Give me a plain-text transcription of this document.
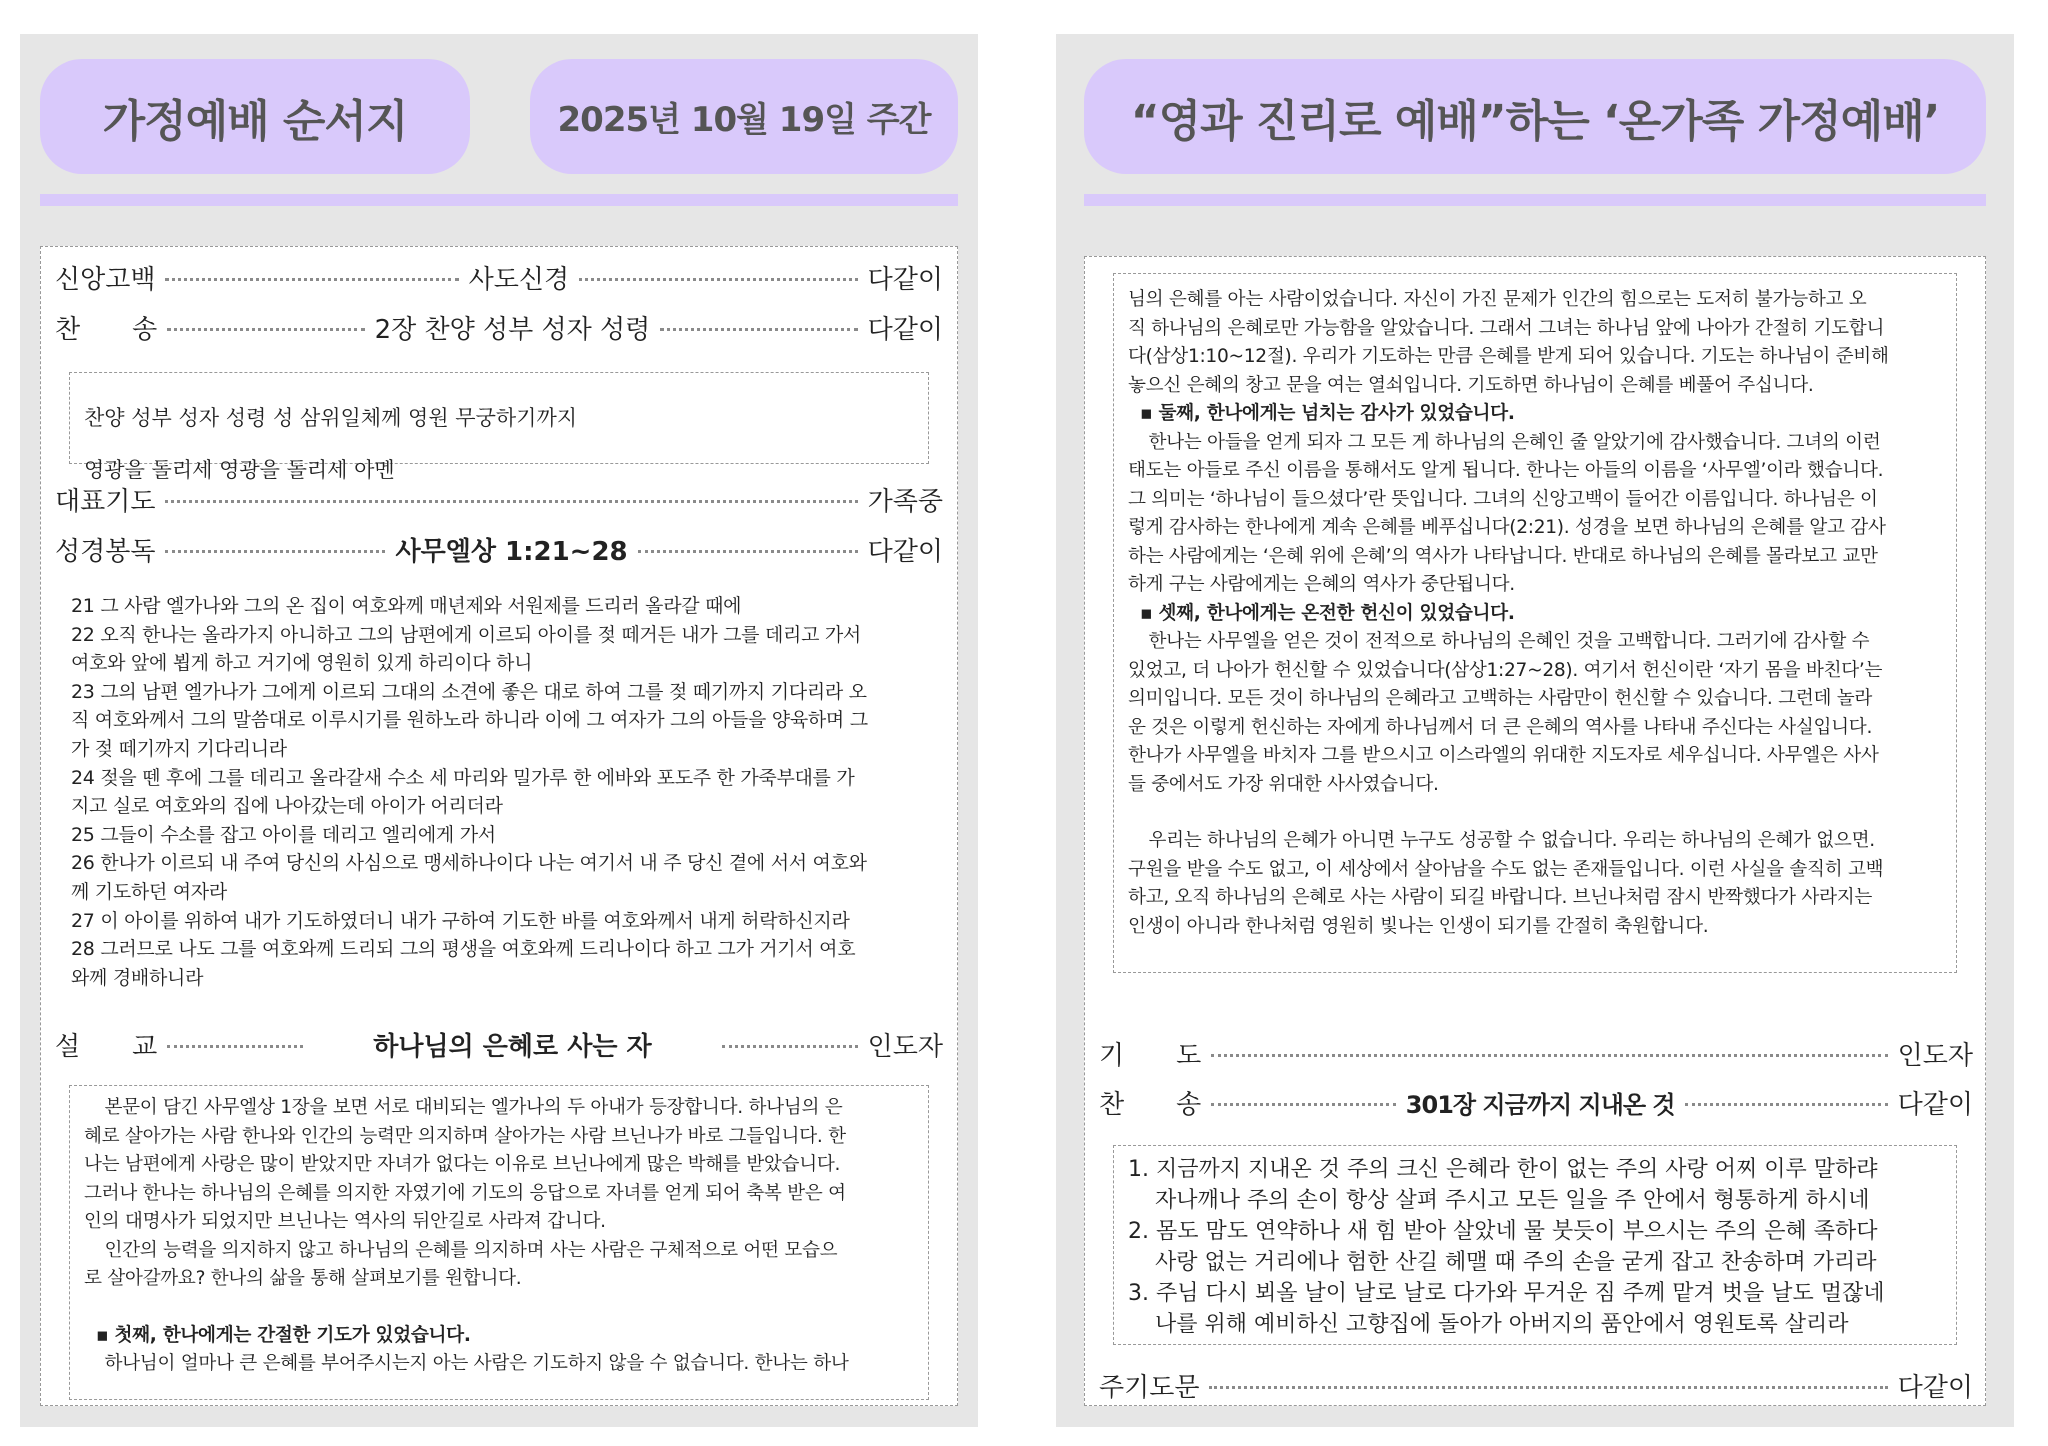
가정예배 순서지	2025년 10월 19일 주간
신앙고백	사도신경	다같이
찬　　송	2장 찬양 성부 성자 성령	다같이

찬양 성부 성자 성령 성 삼위일체께 영원 무궁하기까지

영광을 돌리세 영광을 돌리세 아멘

대표기도	가족중
성경봉독	사무엘상 1:21~28	다같이

21 그 사람 엘가나와 그의 온 집이 여호와께 매년제와 서원제를 드리러 올라갈 때에

22 오직 한나는 올라가지 아니하고 그의 남편에게 이르되 아이를 젖 떼거든 내가 그를 데리고 가서

여호와 앞에 뵙게 하고 거기에 영원히 있게 하리이다 하니

23 그의 남편 엘가나가 그에게 이르되 그대의 소견에 좋은 대로 하여 그를 젖 떼기까지 기다리라 오

직 여호와께서 그의 말씀대로 이루시기를 원하노라 하니라 이에 그 여자가 그의 아들을 양육하며 그

가 젖 떼기까지 기다리니라

24 젖을 뗀 후에 그를 데리고 올라갈새 수소 세 마리와 밀가루 한 에바와 포도주 한 가죽부대를 가

지고 실로 여호와의 집에 나아갔는데 아이가 어리더라

25 그들이 수소를 잡고 아이를 데리고 엘리에게 가서

26 한나가 이르되 내 주여 당신의 사심으로 맹세하나이다 나는 여기서 내 주 당신 곁에 서서 여호와

께 기도하던 여자라

27 이 아이를 위하여 내가 기도하였더니 내가 구하여 기도한 바를 여호와께서 내게 허락하신지라

28 그러므로 나도 그를 여호와께 드리되 그의 평생을 여호와께 드리나이다 하고 그가 거기서 여호

와께 경배하니라

설　　교	하나님의 은혜로 사는 자	인도자

본문이 담긴 사무엘상 1장을 보면 서로 대비되는 엘가나의 두 아내가 등장합니다. 하나님의 은

혜로 살아가는 사람 한나와 인간의 능력만 의지하며 살아가는 사람 브닌나가 바로 그들입니다. 한

나는 남편에게 사랑은 많이 받았지만 자녀가 없다는 이유로 브닌나에게 많은 박해를 받았습니다.

그러나 한나는 하나님의 은혜를 의지한 자였기에 기도의 응답으로 자녀를 얻게 되어 축복 받은 여

인의 대명사가 되었지만 브닌나는 역사의 뒤안길로 사라져 갑니다.

인간의 능력을 의지하지 않고 하나님의 은혜를 의지하며 사는 사람은 구체적으로 어떤 모습으

로 살아갈까요? 한나의 삶을 통해 살펴보기를 원합니다.

▪ 첫째, 한나에게는 간절한 기도가 있었습니다.

하나님이 얼마나 큰 은혜를 부어주시는지 아는 사람은 기도하지 않을 수 없습니다. 한나는 하나

“영과 진리로 예배”하는 ‘온가족 가정예배’

님의 은혜를 아는 사람이었습니다. 자신이 가진 문제가 인간의 힘으로는 도저히 불가능하고 오

직 하나님의 은혜로만 가능함을 알았습니다. 그래서 그녀는 하나님 앞에 나아가 간절히 기도합니

다(삼상1:10~12절). 우리가 기도하는 만큼 은혜를 받게 되어 있습니다. 기도는 하나님이 준비해

놓으신 은혜의 창고 문을 여는 열쇠입니다. 기도하면 하나님이 은혜를 베풀어 주십니다.

▪ 둘째, 한나에게는 넘치는 감사가 있었습니다.

한나는 아들을 얻게 되자 그 모든 게 하나님의 은혜인 줄 알았기에 감사했습니다. 그녀의 이런

태도는 아들로 주신 이름을 통해서도 알게 됩니다. 한나는 아들의 이름을 ‘사무엘’이라 했습니다.

그 의미는 ‘하나님이 들으셨다’란 뜻입니다. 그녀의 신앙고백이 들어간 이름입니다. 하나님은 이

렇게 감사하는 한나에게 계속 은혜를 베푸십니다(2:21). 성경을 보면 하나님의 은혜를 알고 감사

하는 사람에게는 ‘은혜 위에 은혜’의 역사가 나타납니다. 반대로 하나님의 은혜를 몰라보고 교만

하게 구는 사람에게는 은혜의 역사가 중단됩니다.

▪ 셋째, 한나에게는 온전한 헌신이 있었습니다.

한나는 사무엘을 얻은 것이 전적으로 하나님의 은혜인 것을 고백합니다. 그러기에 감사할 수

있었고, 더 나아가 헌신할 수 있었습니다(삼상1:27~28). 여기서 헌신이란 ‘자기 몸을 바친다’는

의미입니다. 모든 것이 하나님의 은혜라고 고백하는 사람만이 헌신할 수 있습니다. 그런데 놀라

운 것은 이렇게 헌신하는 자에게 하나님께서 더 큰 은혜의 역사를 나타내 주신다는 사실입니다.

한나가 사무엘을 바치자 그를 받으시고 이스라엘의 위대한 지도자로 세우십니다. 사무엘은 사사

들 중에서도 가장 위대한 사사였습니다.

우리는 하나님의 은혜가 아니면 누구도 성공할 수 없습니다. 우리는 하나님의 은혜가 없으면.

구원을 받을 수도 없고, 이 세상에서 살아남을 수도 없는 존재들입니다. 이런 사실을 솔직히 고백

하고, 오직 하나님의 은혜로 사는 사람이 되길 바랍니다. 브닌나처럼 잠시 반짝했다가 사라지는

인생이 아니라 한나처럼 영원히 빛나는 인생이 되기를 간절히 축원합니다.

기　　도	인도자
찬　　송	301장 지금까지 지내온 것	다같이

1. 지금까지 지내온 것 주의 크신 은혜라 한이 없는 주의 사랑 어찌 이루 말하랴

자나깨나 주의 손이 항상 살펴 주시고 모든 일을 주 안에서 형통하게 하시네

2. 몸도 맘도 연약하나 새 힘 받아 살았네 물 붓듯이 부으시는 주의 은혜 족하다

사랑 없는 거리에나 험한 산길 헤맬 때 주의 손을 굳게 잡고 찬송하며 가리라

3. 주님 다시 뵈올 날이 날로 날로 다가와 무거운 짐 주께 맡겨 벗을 날도 멀잖네

나를 위해 예비하신 고향집에 돌아가 아버지의 품안에서 영원토록 살리라

주기도문	다같이
